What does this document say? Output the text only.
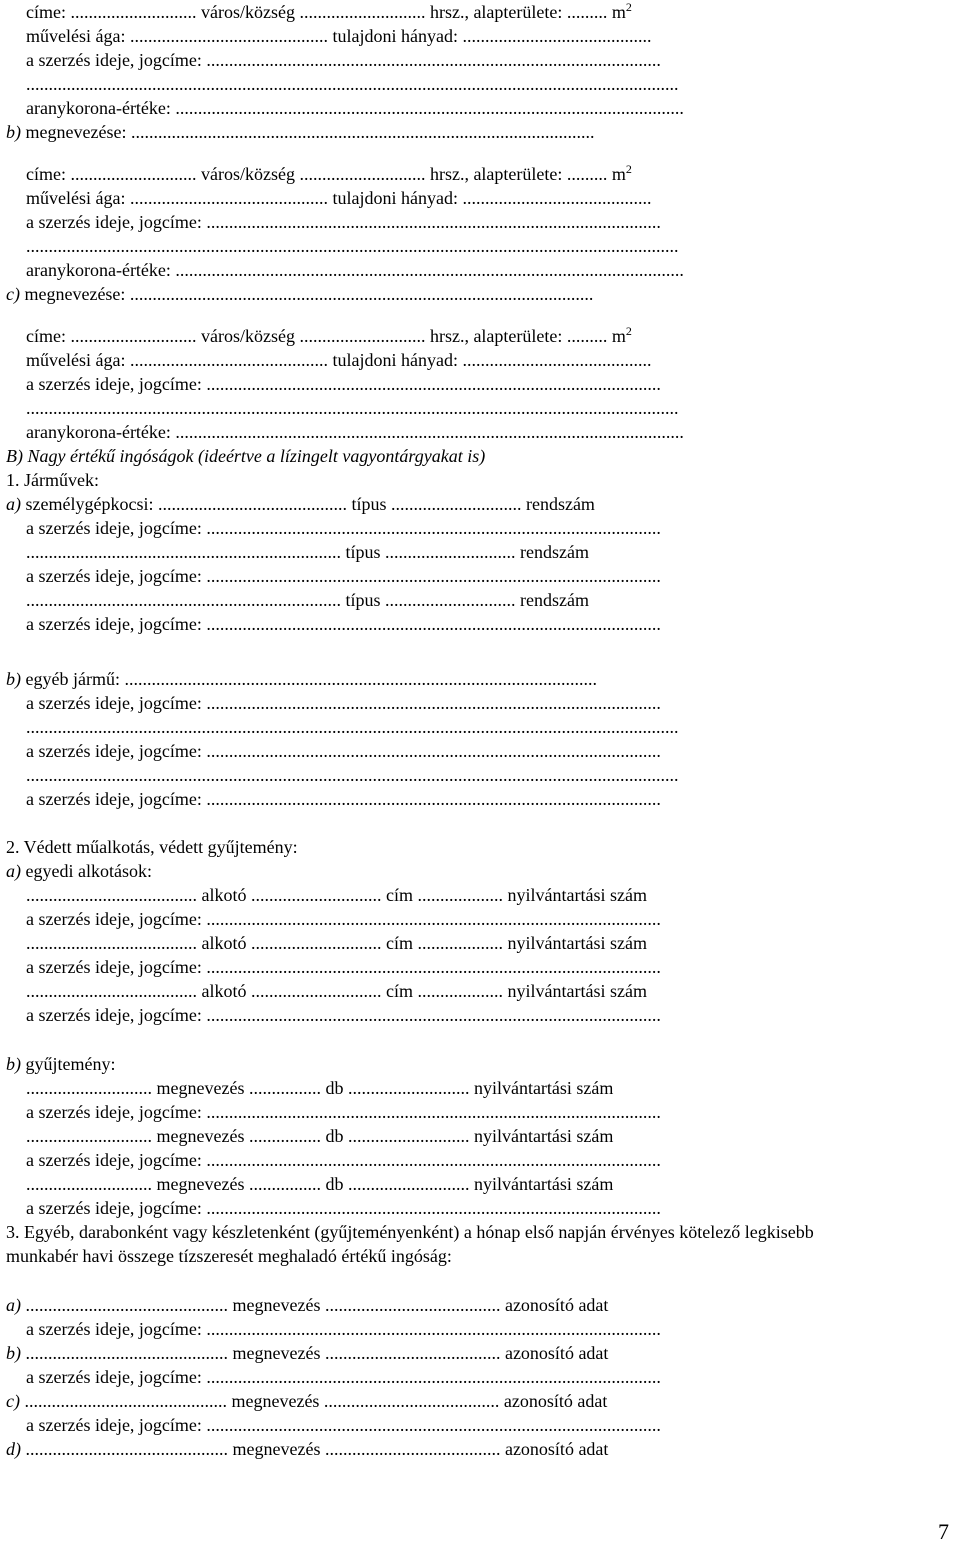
címe: ............................ város/község ............................ hrsz., alapterülete: ......... $m^2$
művelési ága: ............................................ tulajdoni hányad: ..........................................
a szerzés ideje, jogcíme: .....................................................................................................
.................................................................................................................................................
aranykorona-értéke: .................................................................................................................
b) megnevezése: .......................................................................................................
címe: ............................ város/község ............................ hrsz., alapterülete: ......... $m^2$
művelési ága: ............................................ tulajdoni hányad: ..........................................
a szerzés ideje, jogcíme: .....................................................................................................
.................................................................................................................................................
aranykorona-értéke: .................................................................................................................
c) megnevezése: .......................................................................................................
címe: ............................ város/község ............................ hrsz., alapterülete: ......... $m^2$
művelési ága: ............................................ tulajdoni hányad: ..........................................
a szerzés ideje, jogcíme: .....................................................................................................
.................................................................................................................................................
aranykorona-értéke: .................................................................................................................
B) Nagy értékű ingóságok (ideértve a lízingelt vagyontárgyakat is)
1. Járművek:
a) személygépkocsi: .......................................... típus ............................. rendszám
a szerzés ideje, jogcíme: .....................................................................................................
...................................................................... típus ............................. rendszám
a szerzés ideje, jogcíme: .....................................................................................................
...................................................................... típus ............................. rendszám
a szerzés ideje, jogcíme: .....................................................................................................
b) egyéb jármű: .........................................................................................................
a szerzés ideje, jogcíme: .....................................................................................................
.................................................................................................................................................
a szerzés ideje, jogcíme: .....................................................................................................
.................................................................................................................................................
a szerzés ideje, jogcíme: .....................................................................................................
2. Védett műalkotás, védett gyűjtemény:
a) egyedi alkotások:
...................................... alkotó ............................. cím ................... nyilvántartási szám
a szerzés ideje, jogcíme: .....................................................................................................
...................................... alkotó ............................. cím ................... nyilvántartási szám
a szerzés ideje, jogcíme: .....................................................................................................
...................................... alkotó ............................. cím ................... nyilvántartási szám
a szerzés ideje, jogcíme: .....................................................................................................
b) gyűjtemény:
............................ megnevezés ................ db ........................... nyilvántartási szám
a szerzés ideje, jogcíme: .....................................................................................................
............................ megnevezés ................ db ........................... nyilvántartási szám
a szerzés ideje, jogcíme: .....................................................................................................
............................ megnevezés ................ db ........................... nyilvántartási szám
a szerzés ideje, jogcíme: .....................................................................................................
3. Egyéb, darabonként vagy készletenként (gyűjteményenként) a hónap első napján érvényes kötelező legkisebb
munkabér havi összege tízszeresét meghaladó értékű ingóság:
a) ............................................. megnevezés ....................................... azonosító adat
a szerzés ideje, jogcíme: .....................................................................................................
b) ............................................. megnevezés ....................................... azonosító adat
a szerzés ideje, jogcíme: .....................................................................................................
c) ............................................. megnevezés ....................................... azonosító adat
a szerzés ideje, jogcíme: .....................................................................................................
d) ............................................. megnevezés ....................................... azonosító adat
7
